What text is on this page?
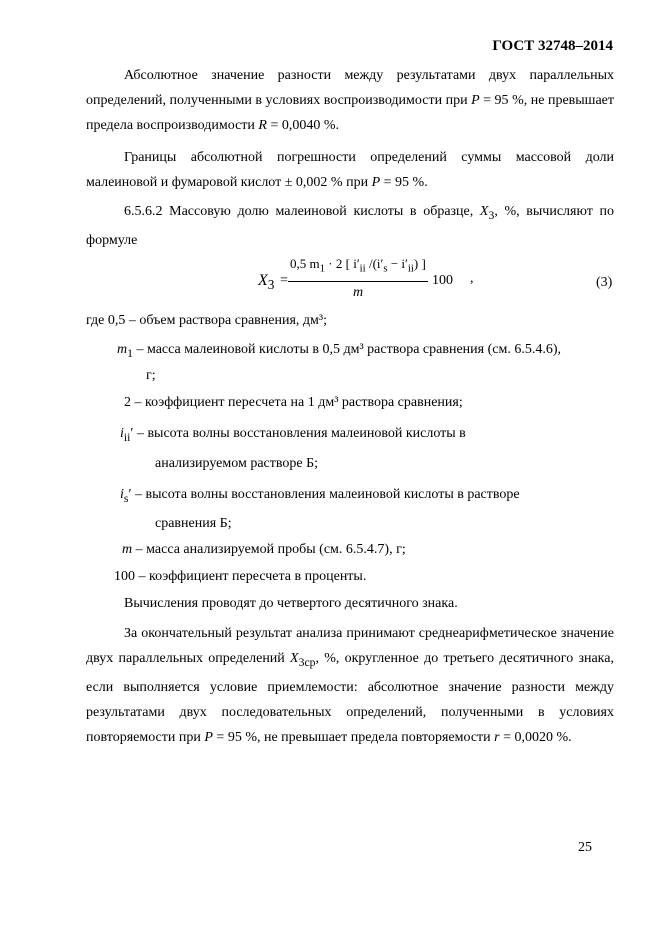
ГОСТ 32748–2014
Абсолютное значение разности между результатами двух параллельных определений, полученными в условиях воспроизводимости при P = 95 %, не превышает предела воспроизводимости R = 0,0040 %.
Границы абсолютной погрешности определений суммы массовой доли малеиновой и фумаровой кислот ± 0,002 % при P = 95 %.
6.5.6.2 Массовую долю малеиновой кислоты в образце, $X_3$, %, вычисляют по формуле
$X_3$ =
0,5 $m_1 \cdot 2$ [ $i'_{ii}$ $/(i'_s - i'_{ii})$ ]
m
100 ,	(3)
где 0,5 – объем раствора сравнения, дм³;
$m_1$ – масса малеиновой кислоты в 0,5 дм³ раствора сравнения (см. 6.5.4.6),
г;
2 – коэффициент пересчета на 1 дм³ раствора сравнения;
$i_{ii}'$ – высота волны восстановления малеиновой кислоты в
анализируемом растворе Б;
$i_s'$ – высота волны восстановления малеиновой кислоты в растворе
сравнения Б;
m – масса анализируемой пробы (см. 6.5.4.7), г;
100 – коэффициент пересчета в проценты.
Вычисления проводят до четвертого десятичного знака.
За окончательный результат анализа принимают среднеарифметическое значение двух параллельных определений $X_{3ср}$, %, округленное до третьего десятичного знака, если выполняется условие приемлемости: абсолютное значение разности между результатами двух последовательных определений, полученными в условиях повторяемости при P = 95 %, не превышает предела повторяемости r = 0,0020 %.
25
